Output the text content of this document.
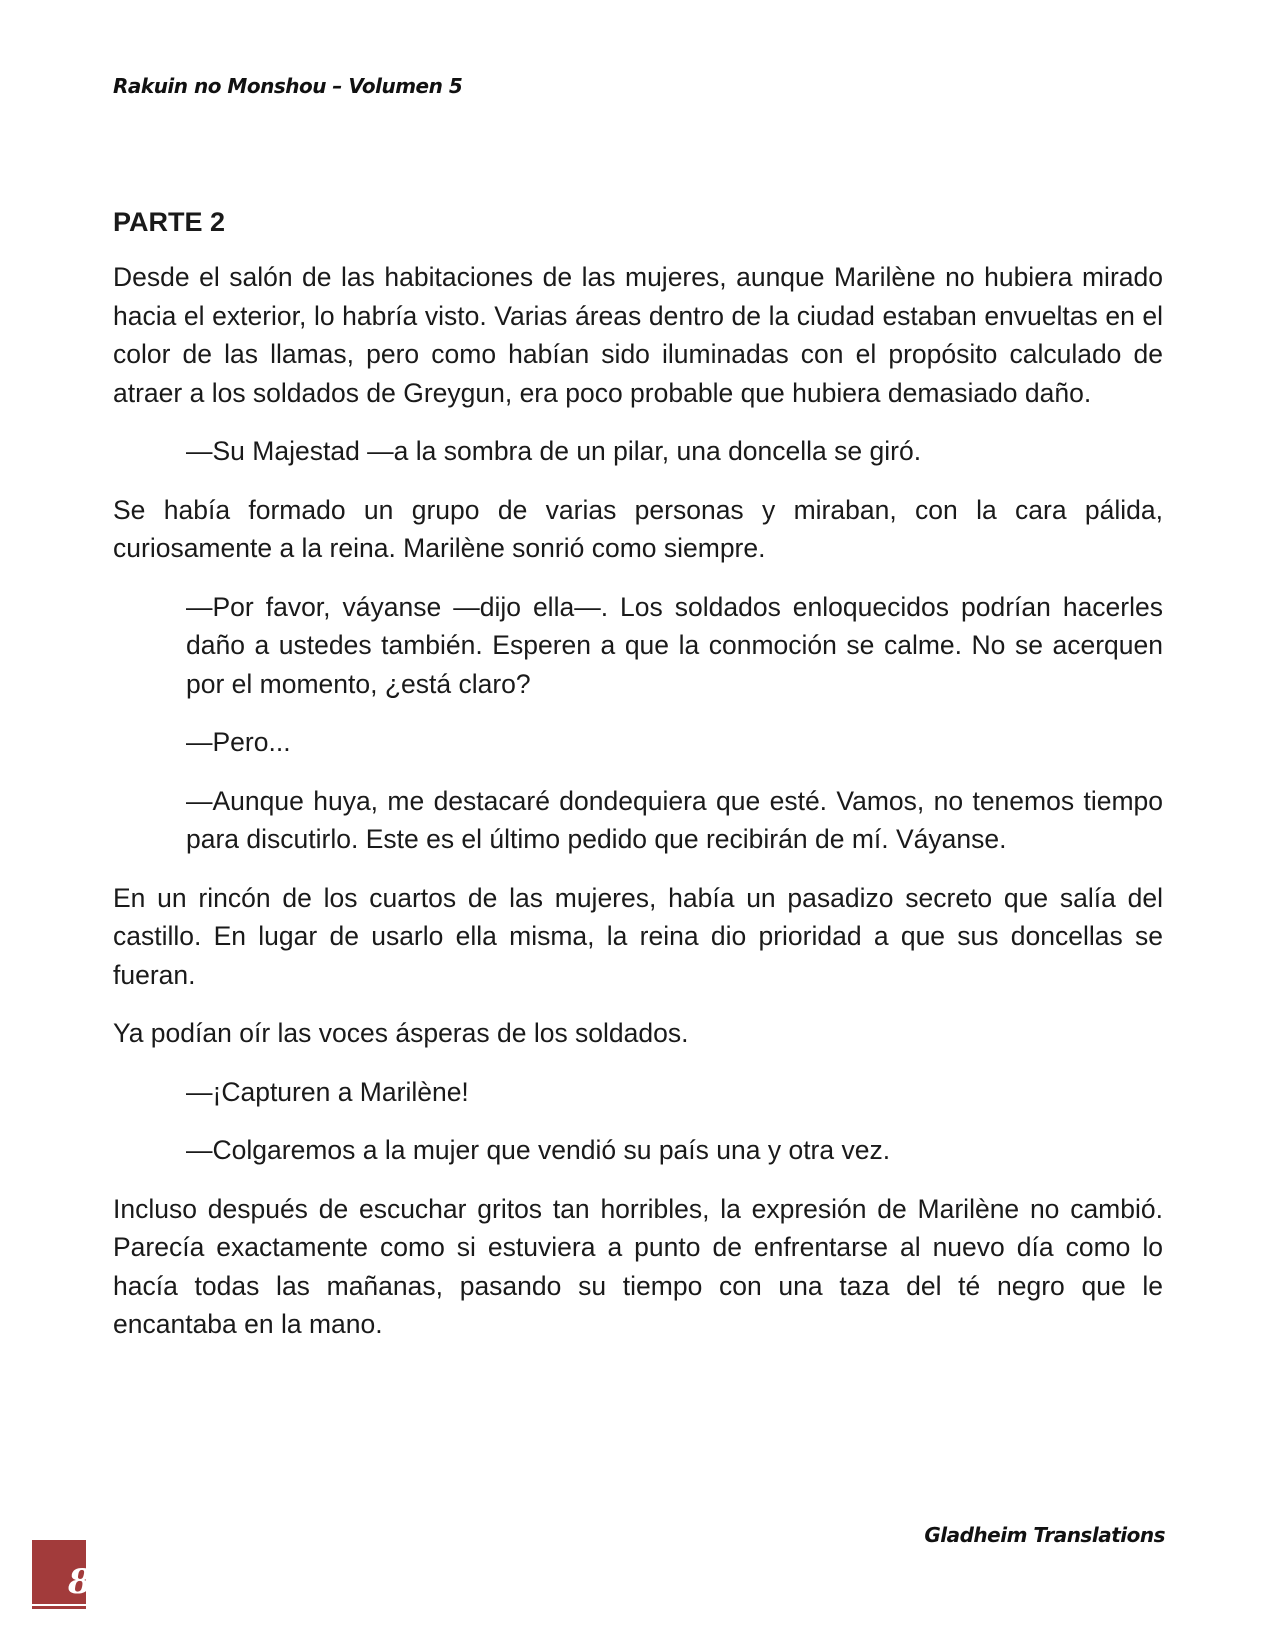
Rakuin no Monshou – Volumen 5
PARTE 2

Desde el salón de las habitaciones de las mujeres, aunque Marilène no hubiera mirado hacia el exterior, lo habría visto. Varias áreas dentro de la ciudad estaban envueltas en el color de las llamas, pero como habían sido iluminadas con el propósito calculado de atraer a los soldados de Greygun, era poco probable que hubiera demasiado daño.

—Su Majestad —a la sombra de un pilar, una doncella se giró.

Se había formado un grupo de varias personas y miraban, con la cara pálida, curiosamente a la reina. Marilène sonrió como siempre.

—Por favor, váyanse —dijo ella—. Los soldados enloquecidos podrían hacerles daño a ustedes también. Esperen a que la conmoción se calme. No se acerquen por el momento, ¿está claro?

—Pero...

—Aunque huya, me destacaré dondequiera que esté. Vamos, no tenemos tiempo para discutirlo. Este es el último pedido que recibirán de mí. Váyanse.

En un rincón de los cuartos de las mujeres, había un pasadizo secreto que salía del castillo. En lugar de usarlo ella misma, la reina dio prioridad a que sus doncellas se fueran.

Ya podían oír las voces ásperas de los soldados.

—¡Capturen a Marilène!

—Colgaremos a la mujer que vendió su país una y otra vez.

Incluso después de escuchar gritos tan horribles, la expresión de Marilène no cambió. Parecía exactamente como si estuviera a punto de enfrentarse al nuevo día como lo hacía todas las mañanas, pasando su tiempo con una taza del té negro que le encantaba en la mano.

Gladheim Translations
8
